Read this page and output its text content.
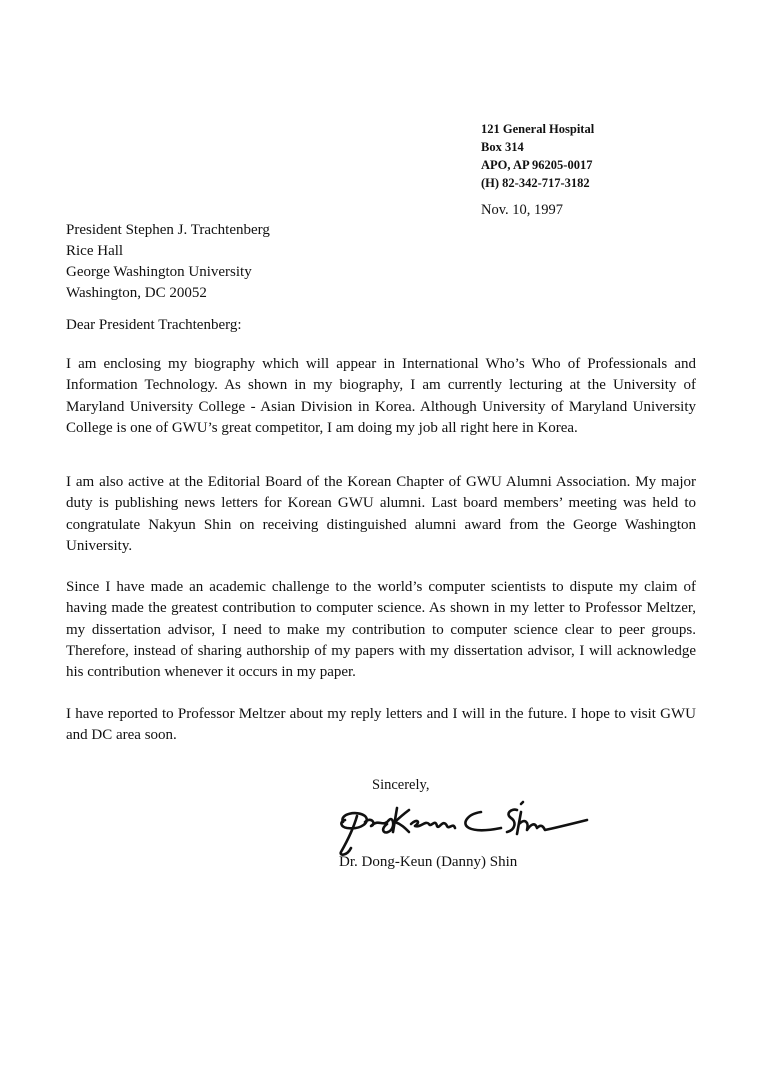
121 General Hospital
Box 314
APO, AP 96205-0017
(H) 82-342-717-3182
Nov. 10, 1997
President Stephen J. Trachtenberg
Rice Hall
George Washington University
Washington, DC 20052
Dear President Trachtenberg:

I am enclosing my biography which will appear in International Who’s Who of Professionals and Information Technology. As shown in my biography, I am currently lecturing at the University of Maryland University College - Asian Division in Korea. Although University of Maryland University College is one of GWU’s great competitor, I am doing my job all right here in Korea.

I am also active at the Editorial Board of the Korean Chapter of GWU Alumni Association. My major duty is publishing news letters for Korean GWU alumni. Last board members’ meeting was held to congratulate Nakyun Shin on receiving distinguished alumni award from the George Washington University.

Since I have made an academic challenge to the world’s computer scientists to dispute my claim of having made the greatest contribution to computer science. As shown in my letter to Professor Meltzer, my dissertation advisor, I need to make my contribution to computer science clear to peer groups. Therefore, instead of sharing authorship of my papers with my dissertation advisor, I will acknowledge his contribution whenever it occurs in my paper.

I have reported to Professor Meltzer about my reply letters and I will in the future. I hope to visit GWU and DC area soon.

Sincerely,
Dr. Dong-Keun (Danny) Shin
